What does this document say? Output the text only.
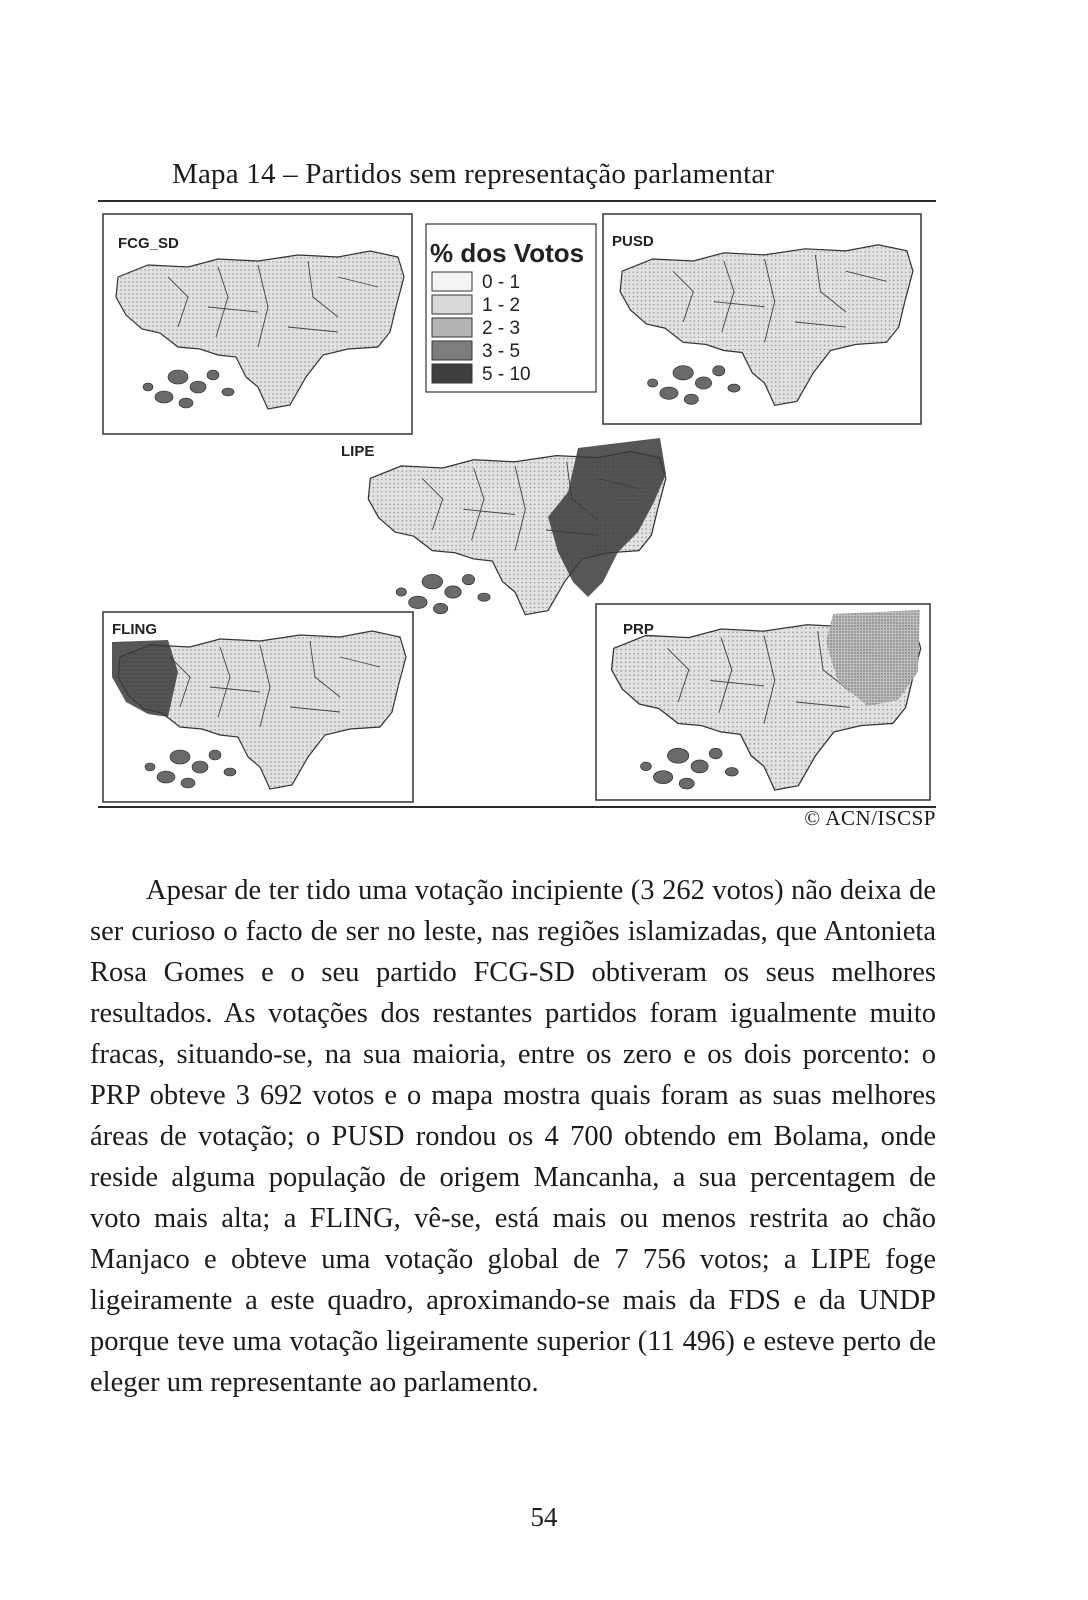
Mapa 14 – Partidos sem representação parlamentar
FCG_SD	% dos Votos
0 - 1
1 - 2
2 - 3
3 - 5
5 - 10
PUSD
LIPE
FLING	PRP
© ACN/ISCSP

Apesar de ter tido uma votação incipiente (3 262 votos) não deixa de ser curioso o facto de ser no leste, nas regiões islamizadas, que Antonieta Rosa Gomes e o seu partido FCG-SD obtiveram os seus melhores resultados. As votações dos restantes partidos foram igualmente muito fracas, situando-se, na sua maioria, entre os zero e os dois porcento: o PRP obteve 3 692 votos e o mapa mostra quais foram as suas melhores áreas de votação; o PUSD rondou os 4 700 obtendo em Bolama, onde reside alguma população de origem Mancanha, a sua percentagem de voto mais alta; a FLING, vê-se, está mais ou menos restrita ao chão Manjaco e obteve uma votação global de 7 756 votos; a LIPE foge ligeiramente a este quadro, aproximando-se mais da FDS e da UNDP porque teve uma votação ligeiramente superior (11 496) e esteve perto de eleger um representante ao parlamento.

54
